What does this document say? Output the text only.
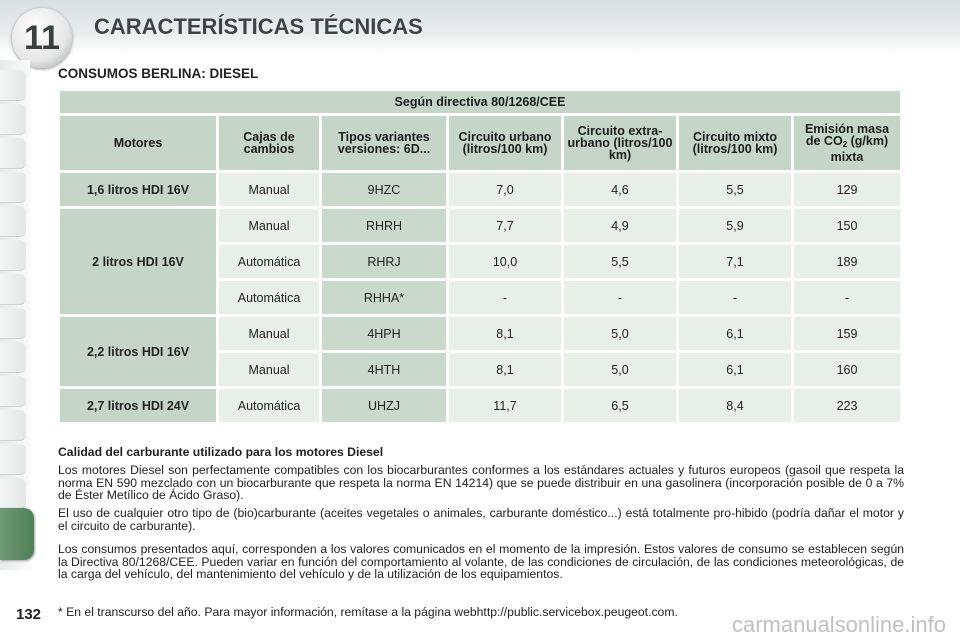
11	CARACTERÍSTICAS TÉCNICAS
CONSUMOS BERLINA: DIESEL
Según directiva 80/1268/CEE						
Motores	Cajas de cambios	Tipos variantes versiones: 6D...	Circuito urbano (litros/100 km)	Circuito extra-urbano (litros/100 km)	Circuito mixto (litros/100 km)	Emisión masa de $CO_2$ (g/km) mixta
1,6 litros HDI 16V	Manual	9HZC	7,0	4,6	5,5	129
2 litros HDI 16V	Manual	RHRH	7,7	4,9	5,9	150
	Automática	RHRJ	10,0	5,5	7,1	189
	Automática	RHHA*	-	-	-	-
2,2 litros HDI 16V	Manual	4HPH	8,1	5,0	6,1	159
	Manual	4HTH	8,1	5,0	6,1	160
2,7 litros HDI 24V	Automática	UHZJ	11,7	6,5	8,4	223
Calidad del carburante utilizado para los motores Diesel
Los motores Diesel son perfectamente compatibles con los biocarburantes conformes a los estándares actuales y futuros europeos (gasoil que respeta la norma EN 590 mezclado con un biocarburante que respeta la norma EN 14214) que se puede distribuir en una gasolinera (incorporación posible de 0 a 7% de Éster Metílico de Ácido Graso).
El uso de cualquier otro tipo de (bio)carburante (aceites vegetales o animales, carburante doméstico...) está totalmente pro-hibido (podría dañar el motor y el circuito de carburante).
Los consumos presentados aquí, corresponden a los valores comunicados en el momento de la impresión. Estos valores de consumo se establecen según la Directiva 80/1268/CEE. Pueden variar en función del comportamiento al volante, de las condiciones de circulación, de las condiciones meteorológicas, de la carga del vehículo, del mantenimiento del vehículo y de la utilización de los equipamientos.
132 * En el transcurso del año. Para mayor información, remítase a la página webhttp://public.servicebox.peugeot.com. carmanualsonline.info
